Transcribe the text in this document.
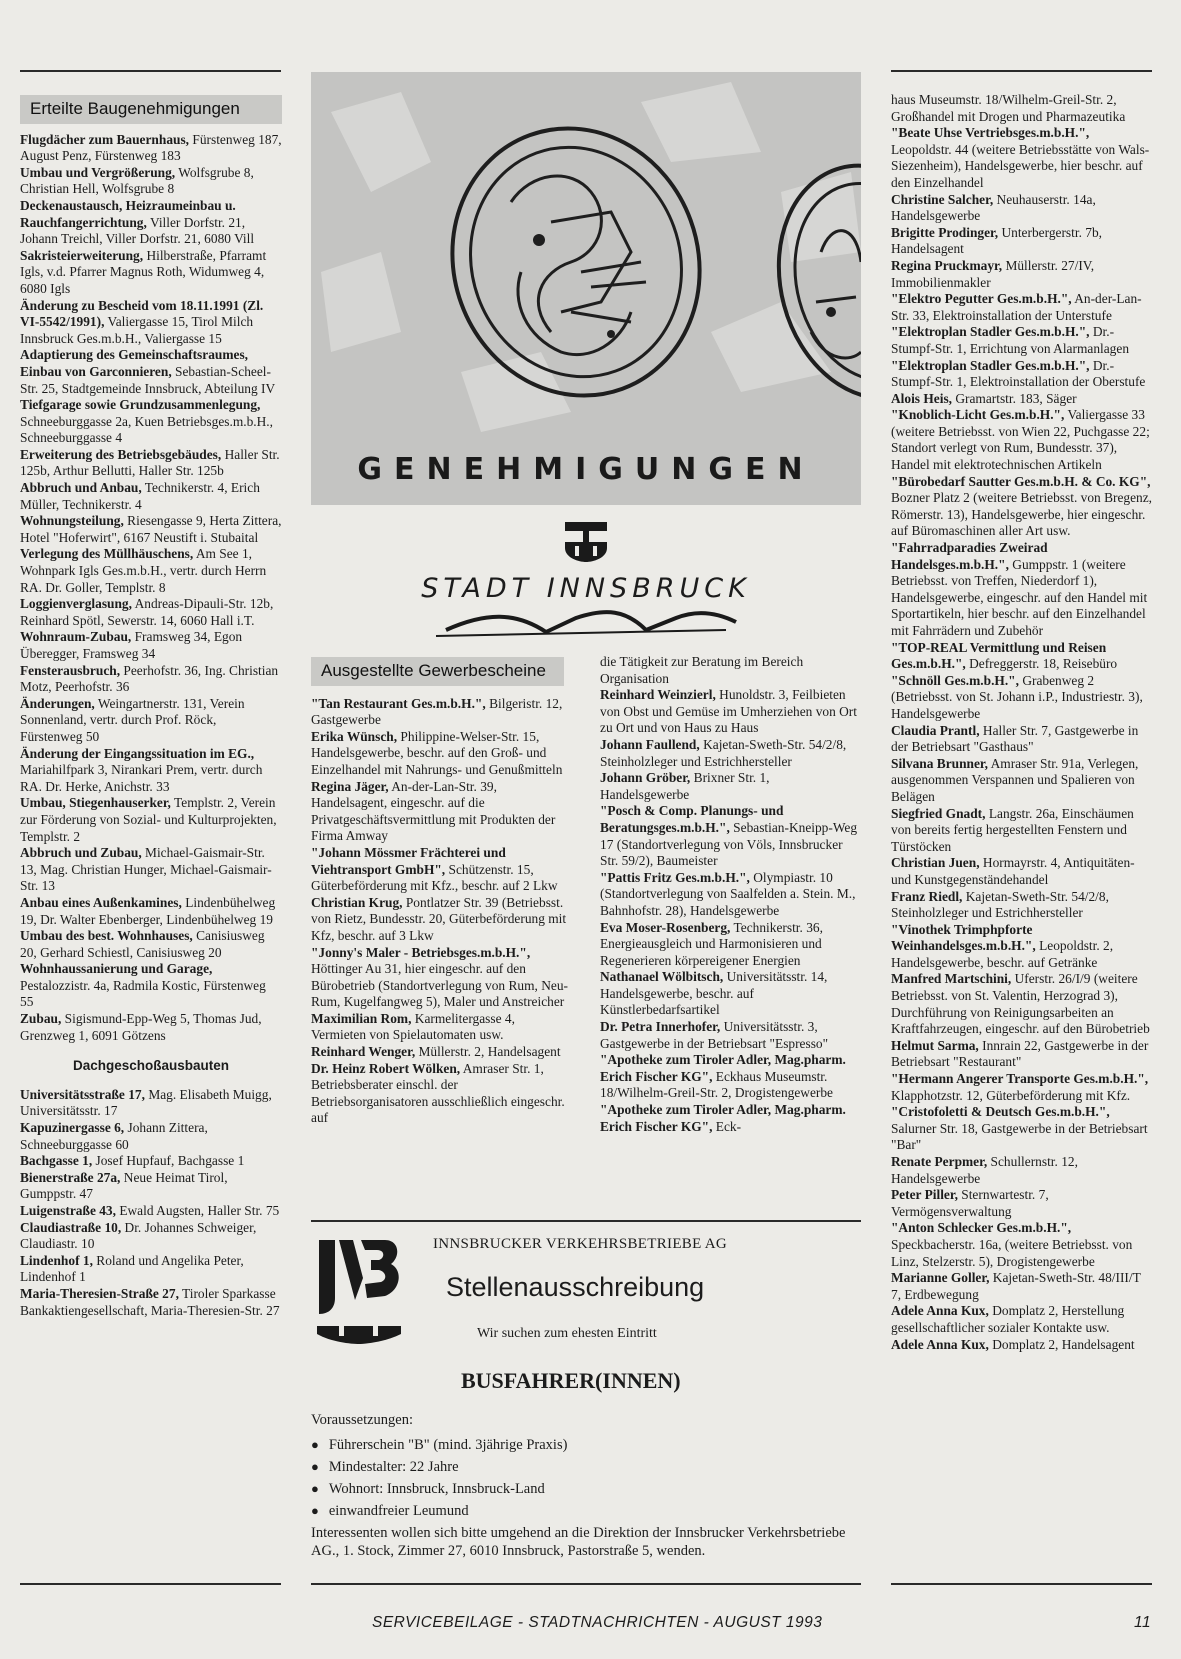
Erteilte Baugenehmigungen

Flugdächer zum Bauernhaus, Fürstenweg 187, August Penz, Fürstenweg 183

Umbau und Vergrößerung, Wolfsgrube 8, Christian Hell, Wolfsgrube 8

Deckenaustausch, Heizraumeinbau u. Rauchfangerrichtung, Viller Dorfstr. 21, Johann Treichl, Viller Dorfstr. 21, 6080 Vill

Sakristeierweiterung, Hilberstraße, Pfarramt Igls, v.d. Pfarrer Magnus Roth, Widumweg 4, 6080 Igls

Änderung zu Bescheid vom 18.11.1991 (Zl. VI-5542/1991), Valiergasse 15, Tirol Milch Innsbruck Ges.m.b.H., Valiergasse 15

Adaptierung des Gemeinschaftsraumes, Einbau von Garconnieren, Sebastian-Scheel-Str. 25, Stadtgemeinde Innsbruck, Abteilung IV

Tiefgarage sowie Grundzusammenlegung, Schneeburggasse 2a, Kuen Betriebsges.m.b.H., Schneeburggasse 4

Erweiterung des Betriebsgebäudes, Haller Str. 125b, Arthur Bellutti, Haller Str. 125b

Abbruch und Anbau, Technikerstr. 4, Erich Müller, Technikerstr. 4

Wohnungsteilung, Riesengasse 9, Herta Zittera, Hotel "Hoferwirt", 6167 Neustift i. Stubaital

Verlegung des Müllhäuschens, Am See 1, Wohnpark Igls Ges.m.b.H., vertr. durch Herrn RA. Dr. Goller, Templstr. 8

Loggienverglasung, Andreas-Dipauli-Str. 12b, Reinhard Spötl, Sewerstr. 14, 6060 Hall i.T.

Wohnraum-Zubau, Framsweg 34, Egon Überegger, Framsweg 34

Fensterausbruch, Peerhofstr. 36, Ing. Christian Motz, Peerhofstr. 36

Änderungen, Weingartnerstr. 131, Verein Sonnenland, vertr. durch Prof. Röck, Fürstenweg 50

Änderung der Eingangssituation im EG., Mariahilfpark 3, Nirankari Prem, vertr. durch RA. Dr. Herke, Anichstr. 33

Umbau, Stiegenhauserker, Templstr. 2, Verein zur Förderung von Sozial- und Kulturprojekten, Templstr. 2

Abbruch und Zubau, Michael-Gaismair-Str. 13, Mag. Christian Hunger, Michael-Gaismair-Str. 13

Anbau eines Außenkamines, Lindenbühelweg 19, Dr. Walter Ebenberger, Lindenbühelweg 19

Umbau des best. Wohnhauses, Canisiusweg 20, Gerhard Schiestl, Canisiusweg 20

Wohnhaussanierung und Garage, Pestalozzistr. 4a, Radmila Kostic, Fürstenweg 55

Zubau, Sigismund-Epp-Weg 5, Thomas Jud, Grenzweg 1, 6091 Götzens

Dachgeschoßausbauten

Universitätsstraße 17, Mag. Elisabeth Muigg, Universitätsstr. 17

Kapuzinergasse 6, Johann Zittera, Schneeburggasse 60

Bachgasse 1, Josef Hupfauf, Bachgasse 1

Bienerstraße 27a, Neue Heimat Tirol, Gumppstr. 47

Luigenstraße 43, Ewald Augsten, Haller Str. 75

Claudiastraße 10, Dr. Johannes Schweiger, Claudiastr. 10

Lindenhof 1, Roland und Angelika Peter, Lindenhof 1

Maria-Theresien-Straße 27, Tiroler Sparkasse Bankaktiengesellschaft, Maria-Theresien-Str. 27

GENEHMIGUNGEN
STADT INNSBRUCK
Ausgestellte Gewerbescheine

"Tan Restaurant Ges.m.b.H.", Bilgeristr. 12, Gastgewerbe

Erika Wünsch, Philippine-Welser-Str. 15, Handelsgewerbe, beschr. auf den Groß- und Einzelhandel mit Nahrungs- und Genußmitteln

Regina Jäger, An-der-Lan-Str. 39, Handelsagent, eingeschr. auf die Privatgeschäftsvermittlung mit Produkten der Firma Amway

"Johann Mössmer Frächterei und Viehtransport GmbH", Schützenstr. 15, Güterbeförderung mit Kfz., beschr. auf 2 Lkw

Christian Krug, Pontlatzer Str. 39 (Betriebsst. von Rietz, Bundesstr. 20, Güterbeförderung mit Kfz, beschr. auf 3 Lkw

"Jonny's Maler - Betriebsges.m.b.H.", Höttinger Au 31, hier eingeschr. auf den Bürobetrieb (Standortverlegung von Rum, Neu-Rum, Kugelfangweg 5), Maler und Anstreicher

Maximilian Rom, Karmelitergasse 4, Vermieten von Spielautomaten usw.

Reinhard Wenger, Müllerstr. 2, Handelsagent

Dr. Heinz Robert Wölken, Amraser Str. 1, Betriebsberater einschl. der Betriebsorganisatoren ausschließlich eingeschr. auf

die Tätigkeit zur Beratung im Bereich Organisation

Reinhard Weinzierl, Hunoldstr. 3, Feilbieten von Obst und Gemüse im Umherziehen von Ort zu Ort und von Haus zu Haus

Johann Faullend, Kajetan-Sweth-Str. 54/2/8, Steinholzleger und Estrichhersteller

Johann Gröber, Brixner Str. 1, Handelsgewerbe

"Posch & Comp. Planungs- und Beratungsges.m.b.H.", Sebastian-Kneipp-Weg 17 (Standortverlegung von Völs, Innsbrucker Str. 59/2), Baumeister

"Pattis Fritz Ges.m.b.H.", Olympiastr. 10 (Standortverlegung von Saalfelden a. Stein. M., Bahnhofstr. 28), Handelsgewerbe

Eva Moser-Rosenberg, Technikerstr. 36, Energieausgleich und Harmonisieren und Regenerieren körpereigener Energien

Nathanael Wölbitsch, Universitätsstr. 14, Handelsgewerbe, beschr. auf Künstlerbedarfsartikel

Dr. Petra Innerhofer, Universitätsstr. 3, Gastgewerbe in der Betriebsart "Espresso"

"Apotheke zum Tiroler Adler, Mag.pharm. Erich Fischer KG", Eckhaus Museumstr. 18/Wilhelm-Greil-Str. 2, Drogistengewerbe

"Apotheke zum Tiroler Adler, Mag.pharm. Erich Fischer KG", Eck-

INNSBRUCKER VERKEHRSBETRIEBE AG
Stellenausschreibung
Wir suchen zum ehesten Eintritt
BUSFAHRER(INNEN)
Voraussetzungen:
● Führerschein "B" (mind. 3jährige Praxis)
● Mindestalter: 22 Jahre
● Wohnort: Innsbruck, Innsbruck-Land
● einwandfreier Leumund
Interessenten wollen sich bitte umgehend an die Direktion der Innsbrucker Verkehrsbetriebe AG., 1. Stock, Zimmer 27, 6010 Innsbruck, Pastorstraße 5, wenden.

haus Museumstr. 18/Wilhelm-Greil-Str. 2, Großhandel mit Drogen und Pharmazeutika

"Beate Uhse Vertriebsges.m.b.H.", Leopoldstr. 44 (weitere Betriebsstätte von Wals-Siezenheim), Handelsgewerbe, hier beschr. auf den Einzelhandel

Christine Salcher, Neuhauserstr. 14a, Handelsgewerbe

Brigitte Prodinger, Unterbergerstr. 7b, Handelsagent

Regina Pruckmayr, Müllerstr. 27/IV, Immobilienmakler

"Elektro Pegutter Ges.m.b.H.", An-der-Lan-Str. 33, Elektroinstallation der Unterstufe

"Elektroplan Stadler Ges.m.b.H.", Dr.-Stumpf-Str. 1, Errichtung von Alarmanlagen

"Elektroplan Stadler Ges.m.b.H.", Dr.-Stumpf-Str. 1, Elektroinstallation der Oberstufe

Alois Heis, Gramartstr. 183, Säger

"Knoblich-Licht Ges.m.b.H.", Valiergasse 33 (weitere Betriebsst. von Wien 22, Puchgasse 22; Standort verlegt von Rum, Bundesstr. 37), Handel mit elektrotechnischen Artikeln

"Bürobedarf Sautter Ges.m.b.H. & Co. KG", Bozner Platz 2 (weitere Betriebsst. von Bregenz, Römerstr. 13), Handelsgewerbe, hier eingeschr. auf Büromaschinen aller Art usw.

"Fahrradparadies Zweirad Handelsges.m.b.H.", Gumppstr. 1 (weitere Betriebsst. von Treffen, Niederdorf 1), Handelsgewerbe, eingeschr. auf den Handel mit Sportartikeln, hier beschr. auf den Einzelhandel mit Fahrrädern und Zubehör

"TOP-REAL Vermittlung und Reisen Ges.m.b.H.", Defreggerstr. 18, Reisebüro

"Schnöll Ges.m.b.H.", Grabenweg 2 (Betriebsst. von St. Johann i.P., Industriestr. 3), Handelsgewerbe

Claudia Prantl, Haller Str. 7, Gastgewerbe in der Betriebsart "Gasthaus"

Silvana Brunner, Amraser Str. 91a, Verlegen, ausgenommen Verspannen und Spalieren von Belägen

Siegfried Gnadt, Langstr. 26a, Einschäumen von bereits fertig hergestellten Fenstern und Türstöcken

Christian Juen, Hormayrstr. 4, Antiquitäten- und Kunstgegenständehandel

Franz Riedl, Kajetan-Sweth-Str. 54/2/8, Steinholzleger und Estrichhersteller

"Vinothek Trimphpforte Weinhandelsges.m.b.H.", Leopoldstr. 2, Handelsgewerbe, beschr. auf Getränke

Manfred Martschini, Uferstr. 26/I/9 (weitere Betriebsst. von St. Valentin, Herzograd 3), Durchführung von Reinigungsarbeiten an Kraftfahrzeugen, eingeschr. auf den Bürobetrieb

Helmut Sarma, Innrain 22, Gastgewerbe in der Betriebsart "Restaurant"

"Hermann Angerer Transporte Ges.m.b.H.", Klapphotzstr. 12, Güterbeförderung mit Kfz.

"Cristofoletti & Deutsch Ges.m.b.H.", Salurner Str. 18, Gastgewerbe in der Betriebsart "Bar"

Renate Perpmer, Schullernstr. 12, Handelsgewerbe

Peter Piller, Sternwartestr. 7, Vermögensverwaltung

"Anton Schlecker Ges.m.b.H.", Speckbacherstr. 16a, (weitere Betriebsst. von Linz, Stelzerstr. 5), Drogistengewerbe

Marianne Goller, Kajetan-Sweth-Str. 48/III/T 7, Erdbewegung

Adele Anna Kux, Domplatz 2, Herstellung gesellschaftlicher sozialer Kontakte usw.

Adele Anna Kux, Domplatz 2, Handelsagent

SERVICEBEILAGE - STADTNACHRICHTEN - AUGUST 1993	11
